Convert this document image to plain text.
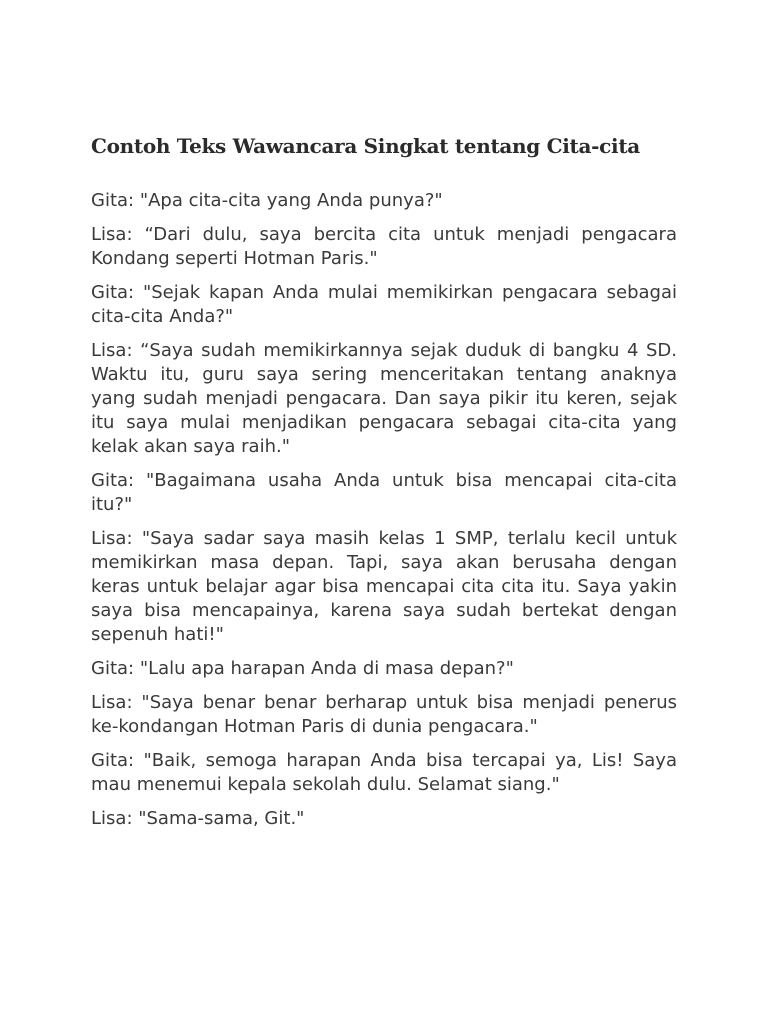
Contoh Teks Wawancara Singkat tentang Cita-cita

Gita: "Apa cita-cita yang Anda punya?"

Lisa: “Dari dulu, saya bercita cita untuk menjadi pengacara Kondang seperti Hotman Paris."

Gita: "Sejak kapan Anda mulai memikirkan pengacara sebagai cita-cita Anda?"

Lisa: “Saya sudah memikirkannya sejak duduk di bangku 4 SD. Waktu itu, guru saya sering menceritakan tentang anaknya yang sudah menjadi pengacara. Dan saya pikir itu keren, sejak itu saya mulai menjadikan pengacara sebagai cita-cita yang kelak akan saya raih."

Gita: "Bagaimana usaha Anda untuk bisa mencapai cita-cita itu?"

Lisa: "Saya sadar saya masih kelas 1 SMP, terlalu kecil untuk memikirkan masa depan. Tapi, saya akan berusaha dengan keras untuk belajar agar bisa mencapai cita cita itu. Saya yakin saya bisa mencapainya, karena saya sudah bertekat dengan sepenuh hati!"

Gita: "Lalu apa harapan Anda di masa depan?"

Lisa: "Saya benar benar berharap untuk bisa menjadi penerus ke-kondangan Hotman Paris di dunia pengacara."

Gita: "Baik, semoga harapan Anda bisa tercapai ya, Lis! Saya mau menemui kepala sekolah dulu. Selamat siang."

Lisa: "Sama-sama, Git."
